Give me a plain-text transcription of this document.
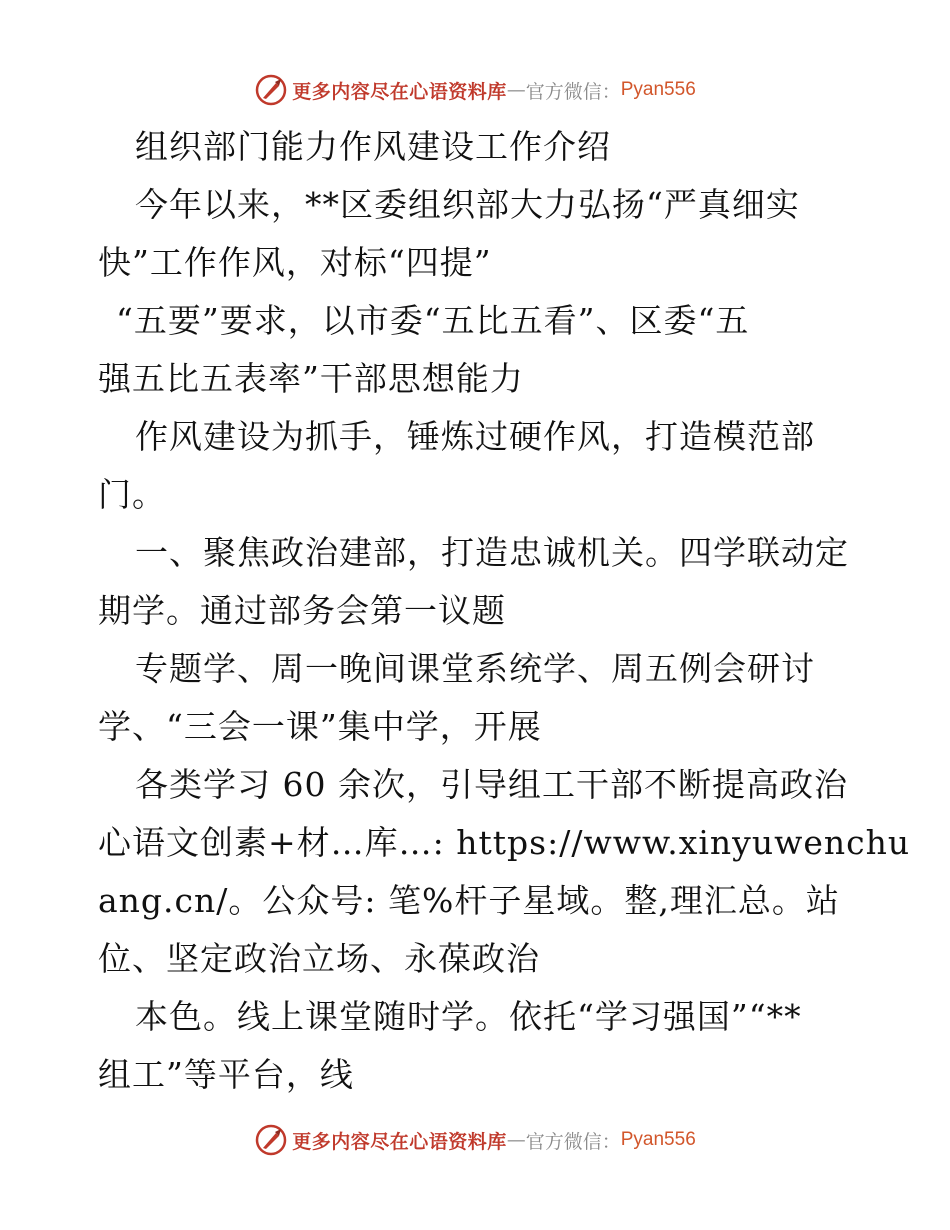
更多内容尽在心语资料库 — 官方微信： Pyan556
组织部门能力作风建设工作介绍
今年以来，**区委组织部大力弘扬“严真细实
快”工作作风，对标“四提”
“五要”要求，以市委“五比五看”、区委“五
强五比五表率”干部思想能力
作风建设为抓手，锤炼过硬作风，打造模范部
门。
一、聚焦政治建部，打造忠诚机关。四学联动定
期学。通过部务会第一议题
专题学、周一晚间课堂系统学、周五例会研讨
学、“三会一课”集中学，开展
各类学习 60 余次，引导组工干部不断提高政治
心语文创素+材…库…: https://www.xinyuwenchu
ang.cn/。公众号: 笔%杆子星域。整,理汇总。站
位、坚定政治立场、永葆政治
本色。线上课堂随时学。依托“学习强国”“**
组工”等平台，线
更多内容尽在心语资料库 — 官方微信： Pyan556
